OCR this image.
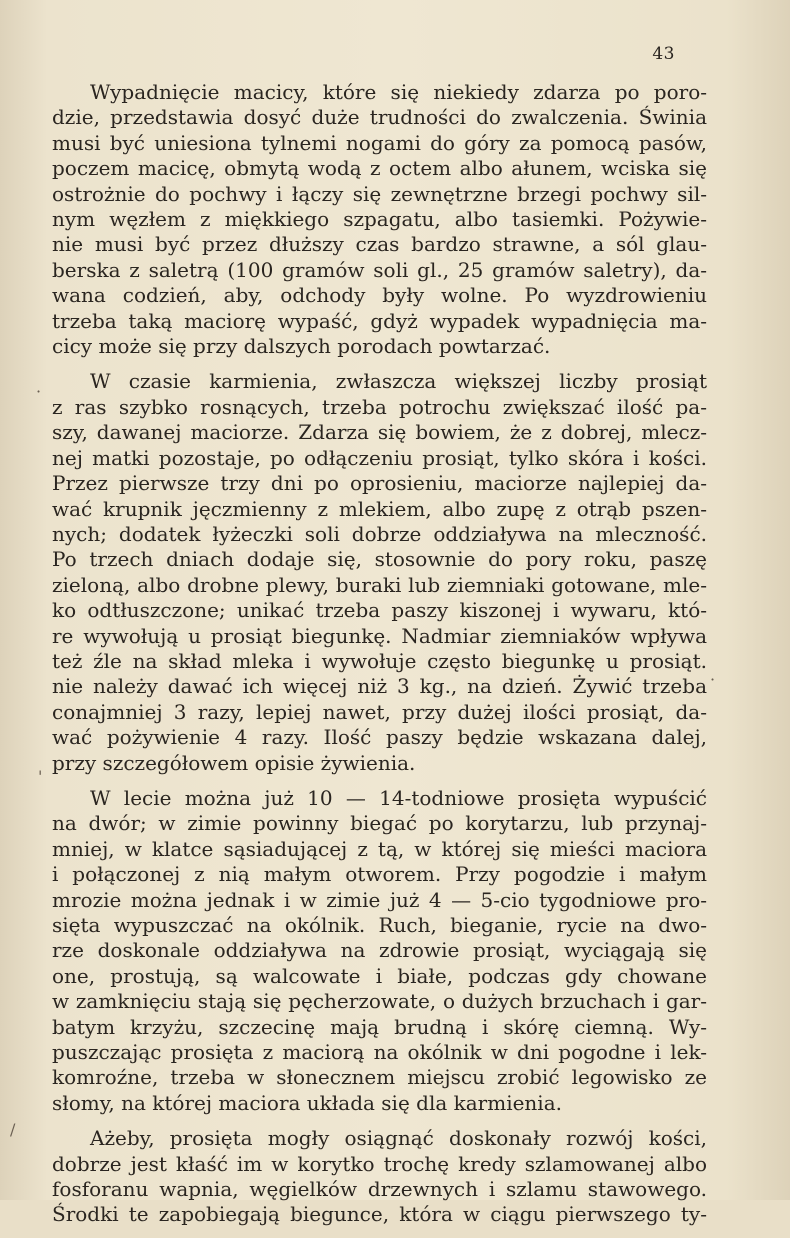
43
·
'
·
/

Wypadnięcie macicy, które się niekiedy zdarza po poro-
dzie, przedstawia dosyć duże trudności do zwalczenia. Świnia
musi być uniesiona tylnemi nogami do góry za pomocą pasów,
poczem macicę, obmytą wodą z octem albo ałunem, wciska się
ostrożnie do pochwy i łączy się zewnętrzne brzegi pochwy sil-
nym węzłem z miękkiego szpagatu, albo tasiemki. Pożywie-
nie musi być przez dłuższy czas bardzo strawne, a sól glau-
berska z saletrą (100 gramów soli gl., 25 gramów saletry), da-
wana codzień, aby, odchody były wolne. Po wyzdrowieniu
trzeba taką maciorę wypaść, gdyż wypadek wypadnięcia ma-
cicy może się przy dalszych porodach powtarzać.

W czasie karmienia, zwłaszcza większej liczby prosiąt
z ras szybko rosnących, trzeba potrochu zwiększać ilość pa-
szy, dawanej maciorze. Zdarza się bowiem, że z dobrej, mlecz-
nej matki pozostaje, po odłączeniu prosiąt, tylko skóra i kości.
Przez pierwsze trzy dni po oprosieniu, maciorze najlepiej da-
wać krupnik jęczmienny z mlekiem, albo zupę z otrąb pszen-
nych; dodatek łyżeczki soli dobrze oddziaływa na mleczność.
Po trzech dniach dodaje się, stosownie do pory roku, paszę
zieloną, albo drobne plewy, buraki lub ziemniaki gotowane, mle-
ko odtłuszczone; unikać trzeba paszy kiszonej i wywaru, któ-
re wywołują u prosiąt biegunkę. Nadmiar ziemniaków wpływa
też źle na skład mleka i wywołuje często biegunkę u prosiąt.
nie należy dawać ich więcej niż 3 kg., na dzień. Żywić trzeba
conajmniej 3 razy, lepiej nawet, przy dużej ilości prosiąt, da-
wać pożywienie 4 razy. Ilość paszy będzie wskazana dalej,
przy szczegółowem opisie żywienia.

W lecie można już 10 — 14-todniowe prosięta wypuścić
na dwór; w zimie powinny biegać po korytarzu, lub przynaj-
mniej, w klatce sąsiadującej z tą, w której się mieści maciora
i połączonej z nią małym otworem. Przy pogodzie i małym
mrozie można jednak i w zimie już 4 — 5-cio tygodniowe pro-
sięta wypuszczać na okólnik. Ruch, bieganie, rycie na dwo-
rze doskonale oddziaływa na zdrowie prosiąt, wyciągają się
one, prostują, są walcowate i białe, podczas gdy chowane
w zamknięciu stają się pęcherzowate, o dużych brzuchach i gar-
batym krzyżu, szczecinę mają brudną i skórę ciemną. Wy-
puszczając prosięta z maciorą na okólnik w dni pogodne i lek-
komroźne, trzeba w słonecznem miejscu zrobić legowisko ze
słomy, na której maciora układa się dla karmienia.

Ażeby, prosięta mogły osiągnąć doskonały rozwój kości,
dobrze jest kłaść im w korytko trochę kredy szlamowanej albo
fosforanu wapnia, węgielków drzewnych i szlamu stawowego.
Środki te zapobiegają biegunce, która w ciągu pierwszego ty-
